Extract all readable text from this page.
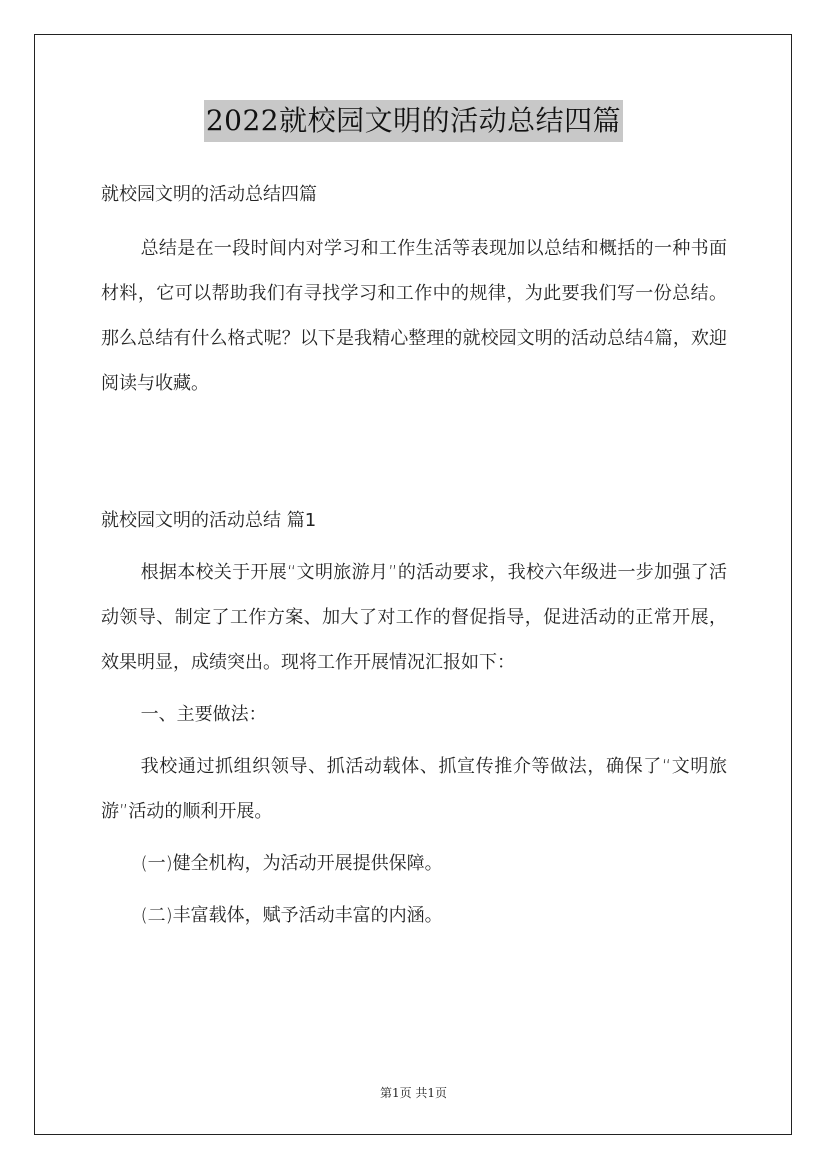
2022就校园文明的活动总结四篇
就校园文明的活动总结四篇

总结是在一段时间内对学习和工作生活等表现加以总结和概括的一种书面材料，它可以帮助我们有寻找学习和工作中的规律，为此要我们写一份总结。那么总结有什么格式呢？以下是我精心整理的就校园文明的活动总结4篇，欢迎阅读与收藏。

就校园文明的活动总结 篇1

根据本校关于开展“文明旅游月”的活动要求，我校六年级进一步加强了活动领导、制定了工作方案、加大了对工作的督促指导，促进活动的正常开展，效果明显，成绩突出。现将工作开展情况汇报如下：

一、主要做法：

我校通过抓组织领导、抓活动载体、抓宣传推介等做法，确保了“文明旅游”活动的顺利开展。

(一)健全机构，为活动开展提供保障。

(二)丰富载体，赋予活动丰富的内涵。

第1页 共1页
